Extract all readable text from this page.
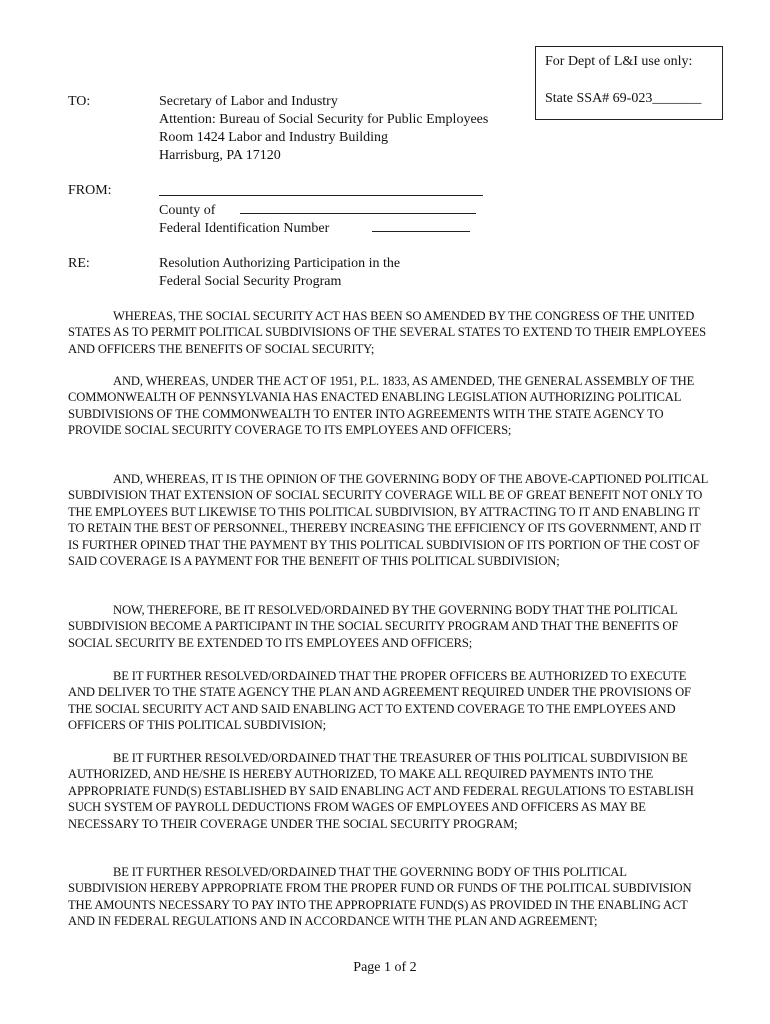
For Dept of L&I use only:
State SSA# 69-023_______
TO:	Secretary of Labor and Industry
Attention: Bureau of Social Security for Public Employees
Room 1424 Labor and Industry Building
Harrisburg, PA 17120
FROM:
County of
Federal Identification Number
RE:	Resolution Authorizing Participation in the
Federal Social Security Program

WHEREAS, THE SOCIAL SECURITY ACT HAS BEEN SO AMENDED BY THE CONGRESS OF THE UNITED STATES AS TO PERMIT POLITICAL SUBDIVISIONS OF THE SEVERAL STATES TO EXTEND TO THEIR EMPLOYEES AND OFFICERS THE BENEFITS OF SOCIAL SECURITY;

AND, WHEREAS, UNDER THE ACT OF 1951, P.L. 1833, AS AMENDED, THE GENERAL ASSEMBLY OF THE COMMONWEALTH OF PENNSYLVANIA HAS ENACTED ENABLING LEGISLATION AUTHORIZING POLITICAL SUBDIVISIONS OF THE COMMONWEALTH TO ENTER INTO AGREEMENTS WITH THE STATE AGENCY TO PROVIDE SOCIAL SECURITY COVERAGE TO ITS EMPLOYEES AND OFFICERS;

AND, WHEREAS, IT IS THE OPINION OF THE GOVERNING BODY OF THE ABOVE-CAPTIONED POLITICAL SUBDIVISION THAT EXTENSION OF SOCIAL SECURITY COVERAGE WILL BE OF GREAT BENEFIT NOT ONLY TO THE EMPLOYEES BUT LIKEWISE TO THIS POLITICAL SUBDIVISION, BY ATTRACTING TO IT AND ENABLING IT TO RETAIN THE BEST OF PERSONNEL, THEREBY INCREASING THE EFFICIENCY OF ITS GOVERNMENT, AND IT IS FURTHER OPINED THAT THE PAYMENT BY THIS POLITICAL SUBDIVISION OF ITS PORTION OF THE COST OF SAID COVERAGE IS A PAYMENT FOR THE BENEFIT OF THIS POLITICAL SUBDIVISION;

NOW, THEREFORE, BE IT RESOLVED/ORDAINED BY THE GOVERNING BODY THAT THE POLITICAL SUBDIVISION BECOME A PARTICIPANT IN THE SOCIAL SECURITY PROGRAM AND THAT THE BENEFITS OF SOCIAL SECURITY BE EXTENDED TO ITS EMPLOYEES AND OFFICERS;

BE IT FURTHER RESOLVED/ORDAINED THAT THE PROPER OFFICERS BE AUTHORIZED TO EXECUTE AND DELIVER TO THE STATE AGENCY THE PLAN AND AGREEMENT REQUIRED UNDER THE PROVISIONS OF THE SOCIAL SECURITY ACT AND SAID ENABLING ACT TO EXTEND COVERAGE TO THE EMPLOYEES AND OFFICERS OF THIS POLITICAL SUBDIVISION;

BE IT FURTHER RESOLVED/ORDAINED THAT THE TREASURER OF THIS POLITICAL SUBDIVISION BE AUTHORIZED, AND HE/SHE IS HEREBY AUTHORIZED, TO MAKE ALL REQUIRED PAYMENTS INTO THE APPROPRIATE FUND(S) ESTABLISHED BY SAID ENABLING ACT AND FEDERAL REGULATIONS TO ESTABLISH SUCH SYSTEM OF PAYROLL DEDUCTIONS FROM WAGES OF EMPLOYEES AND OFFICERS AS MAY BE NECESSARY TO THEIR COVERAGE UNDER THE SOCIAL SECURITY PROGRAM;

BE IT FURTHER RESOLVED/ORDAINED THAT THE GOVERNING BODY OF THIS POLITICAL SUBDIVISION HEREBY APPROPRIATE FROM THE PROPER FUND OR FUNDS OF THE POLITICAL SUBDIVISION THE AMOUNTS NECESSARY TO PAY INTO THE APPROPRIATE FUND(S) AS PROVIDED IN THE ENABLING ACT AND IN FEDERAL REGULATIONS AND IN ACCORDANCE WITH THE PLAN AND AGREEMENT;

Page 1 of 2
